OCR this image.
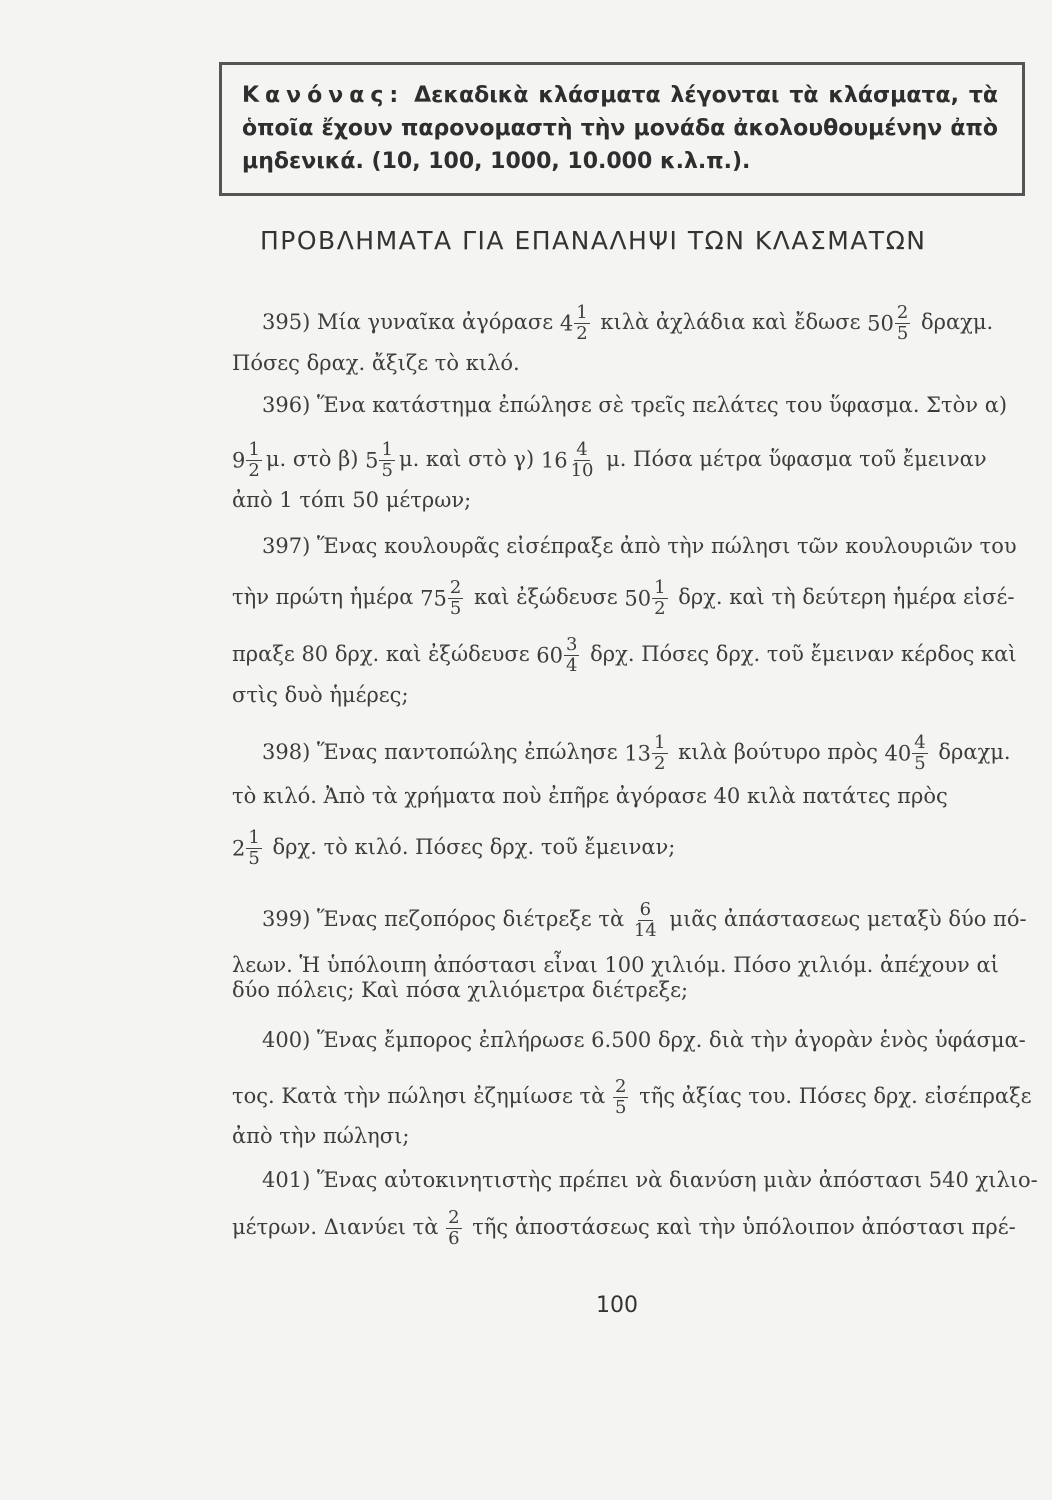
Κανόνας: Δεκαδικὰ κλάσματα λέγονται τὰ κλάσματα, τὰ ὁποῖα ἔχουν παρονομαστὴ τὴν μονάδα ἀκολουθουμένην ἀπὸ μηδενικά. (10, 100, 1000, 10.000 κ.λ.π.).
ΠΡΟΒΛΗΜΑΤΑ ΓΙΑ ΕΠΑΝΑΛΗΨΙ ΤΩΝ ΚΛΑΣΜΑΤΩΝ
395) Μία γυναῖκα ἀγόρασε $4 \frac{1}{2}$ κιλὰ ἀχλάδια καὶ ἔδωσε $50 \frac{2}{5} \delta\rho\alpha\chi\mu$.
Πόσες δραχ. ἄξιζε τὸ κιλό.
396) Ἕνα κατάστημα ἐπώλησε σὲ τρεῖς πελάτες του ὕφασμα. Στὸν α)
$9 \frac{1}{2} \mu$. στὸ β) $5 \frac{1}{5} \mu$. καὶ στὸ γ) $16 \frac{4}{10} \mu$. Πόσα μέτρα ὕφασμα τοῦ ἔμειναν
ἀπὸ 1 τόπι 50 μέτρων;
397) Ἕνας κουλουρᾶς εἰσέπραξε ἀπὸ τὴν πώλησι τῶν κουλουριῶν του
τὴν πρώτη ἡμέρα $75 \frac{2}{5}$ καὶ ἐξώδευσε $50 \frac{1}{2} \delta\rho\chi$. καὶ τὴ δεύτερη ἡμέρα εἰσέ-
πραξε 80 δρχ. καὶ ἐξώδευσε $60 \frac{3}{4} \delta\rho\chi$. Πόσες δρχ. τοῦ ἔμειναν κέρδος καὶ
στὶς δυὸ ἡμέρες;
398) Ἕνας παντοπώλης ἐπώλησε $13 \frac{1}{2}$ κιλὰ βούτυρο πρὸς $40 \frac{4}{5} \delta\rho\alpha\chi\mu$.
τὸ κιλό. Ἀπὸ τὰ χρήματα ποὺ ἐπῆρε ἀγόρασε 40 κιλὰ πατάτες πρὸς
$2 \frac{1}{5} \delta\rho\chi$. τὸ κιλό. Πόσες δρχ. τοῦ ἔμειναν;
399) Ἕνας πεζοπόρος διέτρεξε τὰ $\frac{6}{14}$ μιᾶς ἀπάστασεως μεταξὺ δύο πό-
λεων. Ἡ ὑπόλοιπη ἀπόστασι εἶναι 100 χιλιόμ. Πόσο χιλιόμ. ἀπέχουν αἱ
δύο πόλεις; Καὶ πόσα χιλιόμετρα διέτρεξε;
400) Ἕνας ἔμπορος ἐπλήρωσε 6.500 δρχ. διὰ τὴν ἀγορὰν ἑνὸς ὑφάσμα-
τος. Κατὰ τὴν πώλησι ἐζημίωσε τὰ $\frac{2}{5}$ τῆς ἀξίας του. Πόσες δρχ. εἰσέπραξε
ἀπὸ τὴν πώλησι;
401) Ἕνας αὐτοκινητιστὴς πρέπει νὰ διανύση μιὰν ἀπόστασι 540 χιλιο-
μέτρων. Διανύει τὰ $\frac{2}{6}$ τῆς ἀποστάσεως καὶ τὴν ὑπόλοιπον ἀπόστασι πρέ-
100
